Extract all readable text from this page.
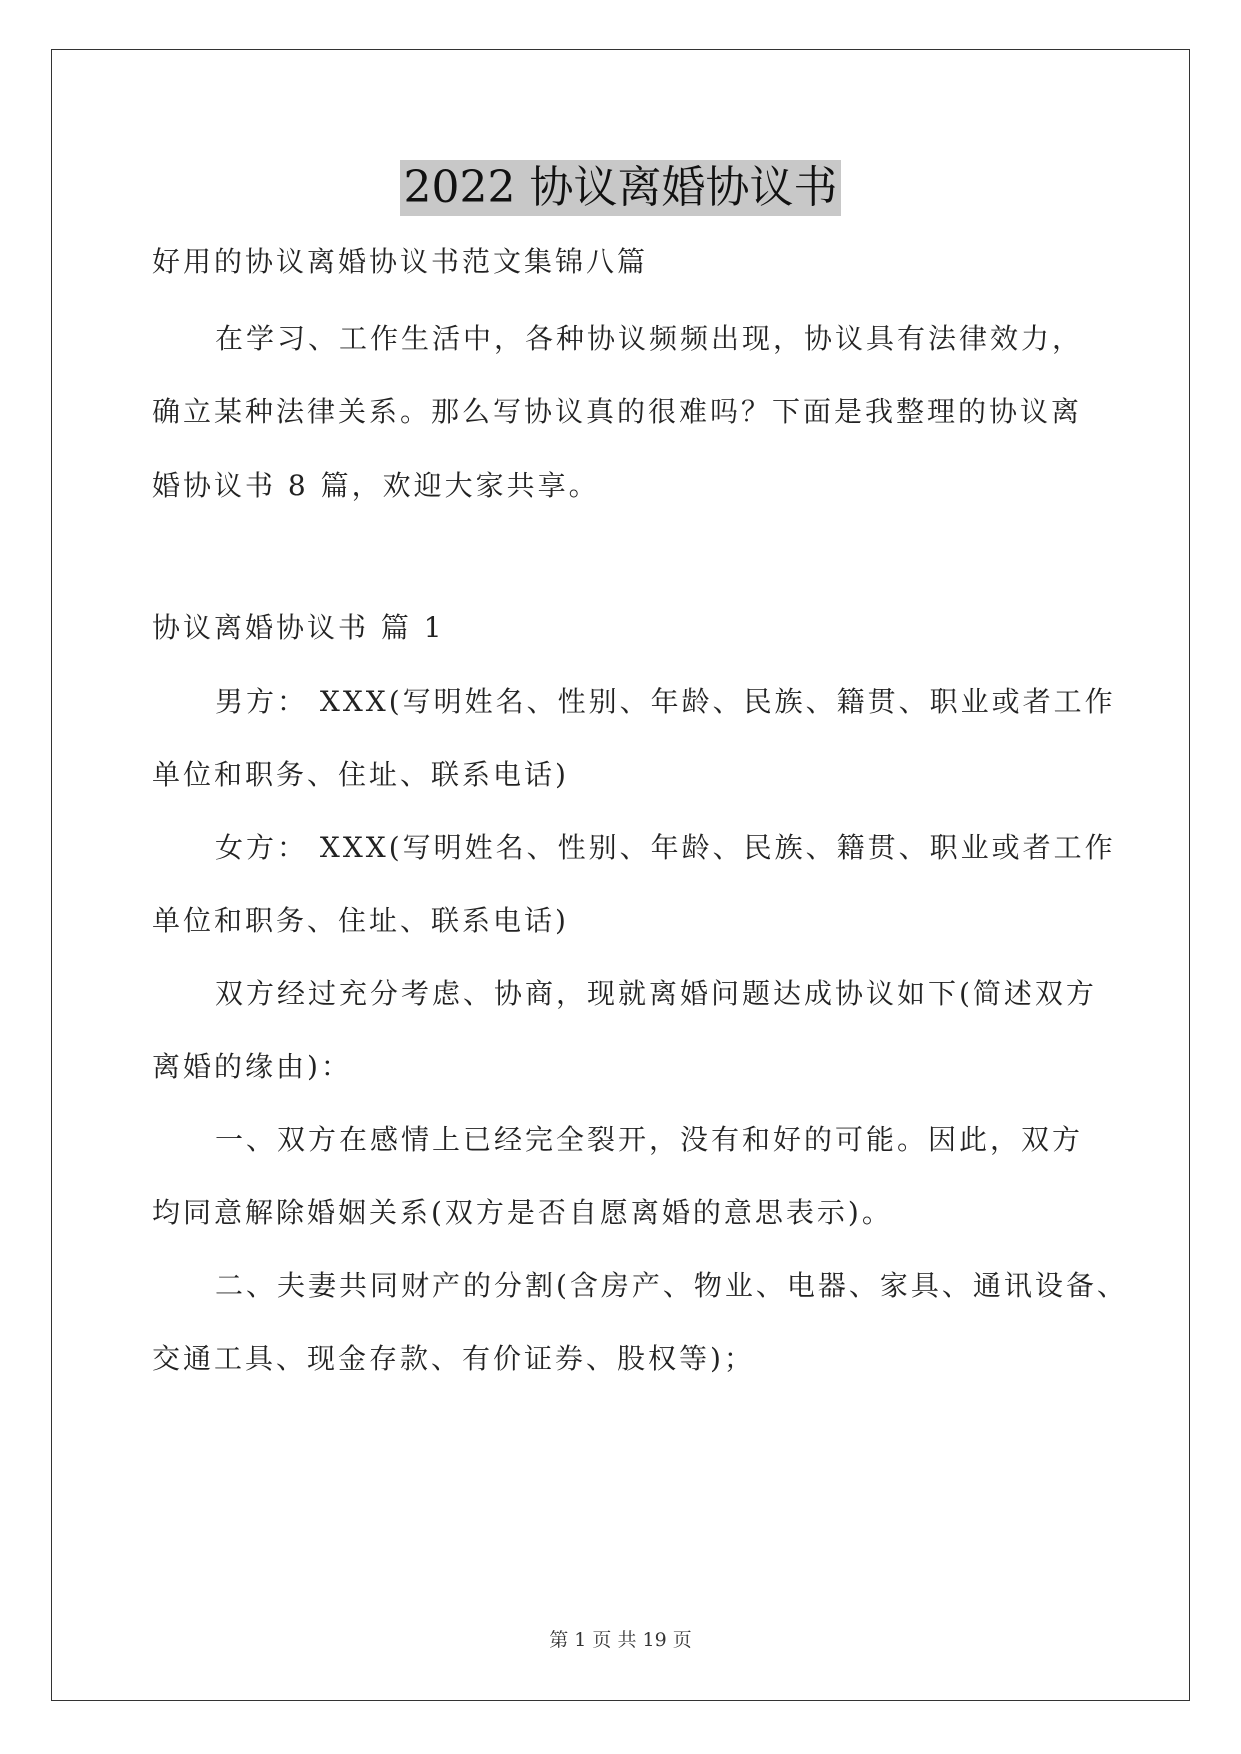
2022 协议离婚协议书
好用的协议离婚协议书范文集锦八篇
在学习、工作生活中，各种协议频频出现，协议具有法律效力，
确立某种法律关系。那么写协议真的很难吗？下面是我整理的协议离
婚协议书 8 篇，欢迎大家共享。
协议离婚协议书 篇 1
男方： XXX(写明姓名、性别、年龄、民族、籍贯、职业或者工作
单位和职务、住址、联系电话)
女方： XXX(写明姓名、性别、年龄、民族、籍贯、职业或者工作
单位和职务、住址、联系电话)
双方经过充分考虑、协商，现就离婚问题达成协议如下(简述双方
离婚的缘由)：
一、双方在感情上已经完全裂开，没有和好的可能。因此，双方
均同意解除婚姻关系(双方是否自愿离婚的意思表示)。
二、夫妻共同财产的分割(含房产、物业、电器、家具、通讯设备、
交通工具、现金存款、有价证券、股权等)；
第 1 页 共 19 页
